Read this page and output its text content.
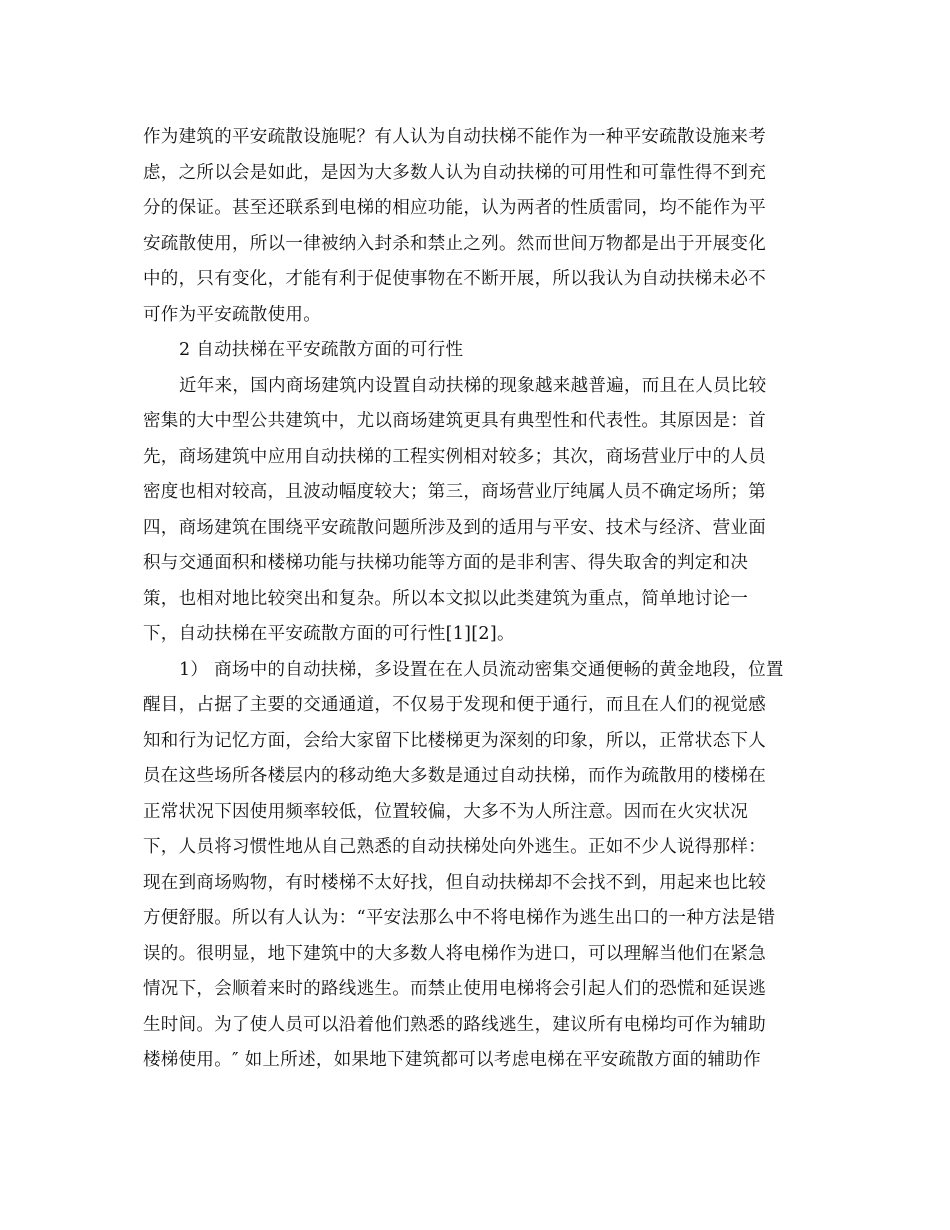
作为建筑的平安疏散设施呢？有人认为自动扶梯不能作为一种平安疏散设施来考
虑，之所以会是如此，是因为大多数人认为自动扶梯的可用性和可靠性得不到充
分的保证。甚至还联系到电梯的相应功能，认为两者的性质雷同，均不能作为平
安疏散使用，所以一律被纳入封杀和禁止之列。然而世间万物都是出于开展变化
中的，只有变化，才能有利于促使事物在不断开展，所以我认为自动扶梯未必不
可作为平安疏散使用。
2 自动扶梯在平安疏散方面的可行性
近年来，国内商场建筑内设置自动扶梯的现象越来越普遍，而且在人员比较
密集的大中型公共建筑中，尤以商场建筑更具有典型性和代表性。其原因是：首
先，商场建筑中应用自动扶梯的工程实例相对较多；其次，商场营业厅中的人员
密度也相对较高，且波动幅度较大；第三，商场营业厅纯属人员不确定场所；第
四，商场建筑在围绕平安疏散问题所涉及到的适用与平安、技术与经济、营业面
积与交通面积和楼梯功能与扶梯功能等方面的是非利害、得失取舍的判定和决
策，也相对地比较突出和复杂。所以本文拟以此类建筑为重点，简单地讨论一
下，自动扶梯在平安疏散方面的可行性[1][2]。
1） 商场中的自动扶梯，多设置在在人员流动密集交通便畅的黄金地段，位置
醒目，占据了主要的交通通道，不仅易于发现和便于通行，而且在人们的视觉感
知和行为记忆方面，会给大家留下比楼梯更为深刻的印象，所以，正常状态下人
员在这些场所各楼层内的移动绝大多数是通过自动扶梯，而作为疏散用的楼梯在
正常状况下因使用频率较低，位置较偏，大多不为人所注意。因而在火灾状况
下，人员将习惯性地从自己熟悉的自动扶梯处向外逃生。正如不少人说得那样：
现在到商场购物，有时楼梯不太好找，但自动扶梯却不会找不到，用起来也比较
方便舒服。所以有人认为：“平安法那么中不将电梯作为逃生出口的一种方法是错
误的。很明显，地下建筑中的大多数人将电梯作为进口，可以理解当他们在紧急
情况下，会顺着来时的路线逃生。而禁止使用电梯将会引起人们的恐慌和延误逃
生时间。为了使人员可以沿着他们熟悉的路线逃生，建议所有电梯均可作为辅助
楼梯使用。″ 如上所述，如果地下建筑都可以考虑电梯在平安疏散方面的辅助作
